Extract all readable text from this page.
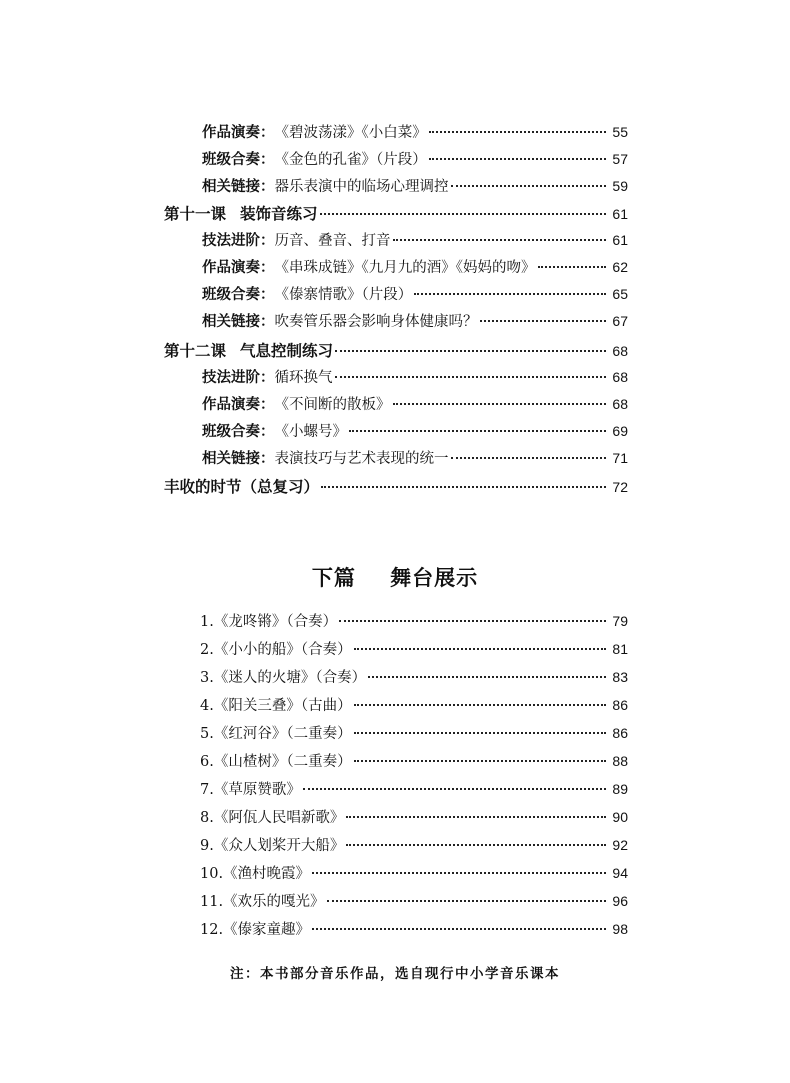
作品演奏： 《碧波荡漾》《小白菜》	55
班级合奏： 《金色的孔雀》（片段）	57
相关链接： 器乐表演中的临场心理调控	59
第十一课 装饰音练习	61
技法进阶： 历音、叠音、打音	61
作品演奏： 《串珠成链》《九月九的酒》《妈妈的吻》	62
班级合奏： 《傣寨情歌》（片段）	65
相关链接： 吹奏管乐器会影响身体健康吗？	67
第十二课 气息控制练习	68
技法进阶： 循环换气	68
作品演奏： 《不间断的散板》	68
班级合奏： 《小螺号》	69
相关链接： 表演技巧与艺术表现的统一	71
丰收的时节 （总复习）	72
下篇 舞台展示
1.《龙咚锵》（合奏）	79
2.《小小的船》（合奏）	81
3.《迷人的火塘》（合奏）	83
4.《阳关三叠》（古曲）	86
5.《红河谷》（二重奏）	86
6.《山楂树》（二重奏）	88
7.《草原赞歌》	89
8.《阿佤人民唱新歌》	90
9.《众人划桨开大船》	92
10.《渔村晚霞》	94
11.《欢乐的嘎光》	96
12.《傣家童趣》	98
注：本书部分音乐作品，选自现行中小学音乐课本
